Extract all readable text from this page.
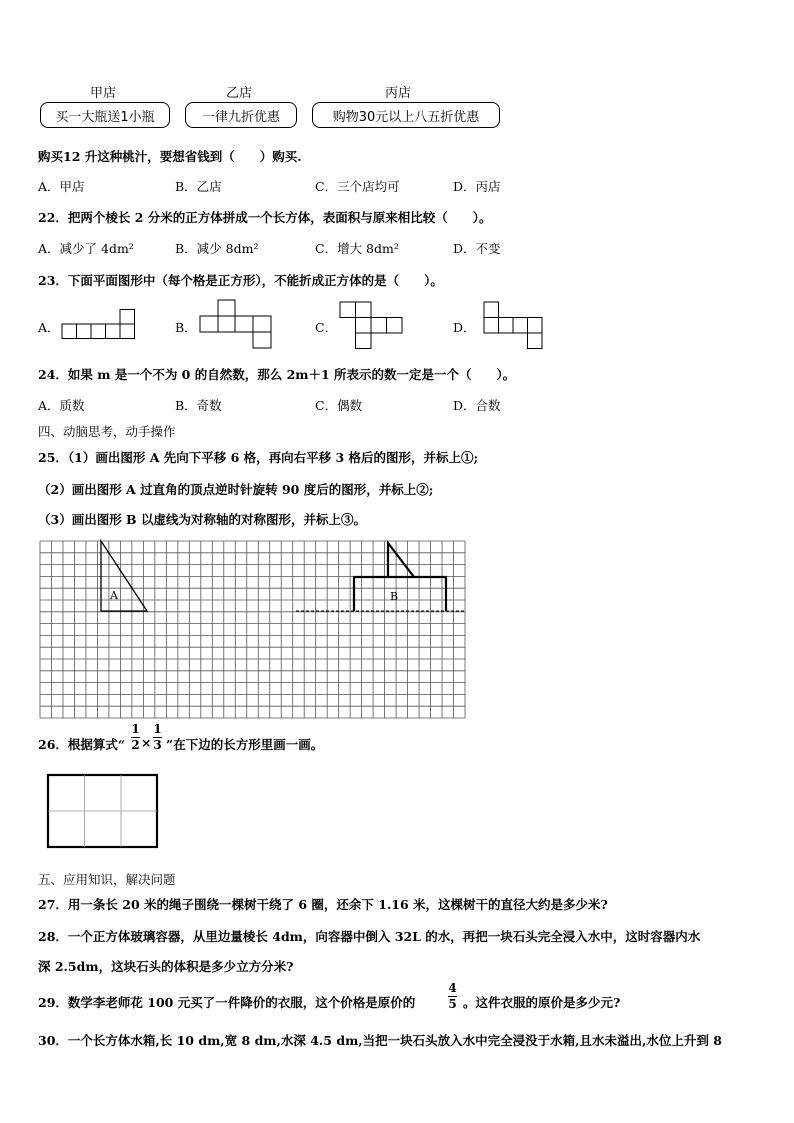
甲店	乙店	丙店
买一大瓶送1小瓶	一律九折优惠	购物30元以上八五折优惠
购买12 升这种桃汁，要想省钱到（　　）购买.
A．甲店	B．乙店	C．三个店均可	D．丙店
22．把两个棱长 2 分米的正方体拼成一个长方体，表面积与原来相比较（　　）。
A．减少了 4dm²	B．减少 8dm²	C．增大 8dm²	D．不变
23．下面平面图形中（每个格是正方形），不能折成正方体的是（　　）。
A．	B．	C．	D．
24．如果 m 是一个不为 0 的自然数，那么 2m＋1 所表示的数一定是一个（　　）。
A．质数	B．奇数	C．偶数	D．合数
四、动脑思考，动手操作
25．（1）画出图形 A 先向下平移 6 格，再向右平移 3 格后的图形，并标上①;
（2）画出图形 A 过直角的顶点逆时针旋转 90 度后的图形，并标上②;
（3）画出图形 B 以虚线为对称轴的对称图形，并标上③。
A	B
26．根据算式“
1
2 ×
1
3 ”在下边的长方形里画一画。
五、应用知识，解决问题
27．用一条长 20 米的绳子围绕一棵树干绕了 6 圈，还余下 1.16 米，这棵树干的直径大约是多少米?
28．一个正方体玻璃容器，从里边量棱长 4dm，向容器中倒入 32L 的水，再把一块石头完全浸入水中，这时容器内水
深 2.5dm，这块石头的体积是多少立方分米?
29．数学李老师花 100 元买了一件降价的衣服，这个价格是原价的
4
5 。这件衣服的原价是多少元?
30．一个长方体水箱,长 10 dm,宽 8 dm,水深 4.5 dm,当把一块石头放入水中完全浸没于水箱,且水未溢出,水位上升到 8
